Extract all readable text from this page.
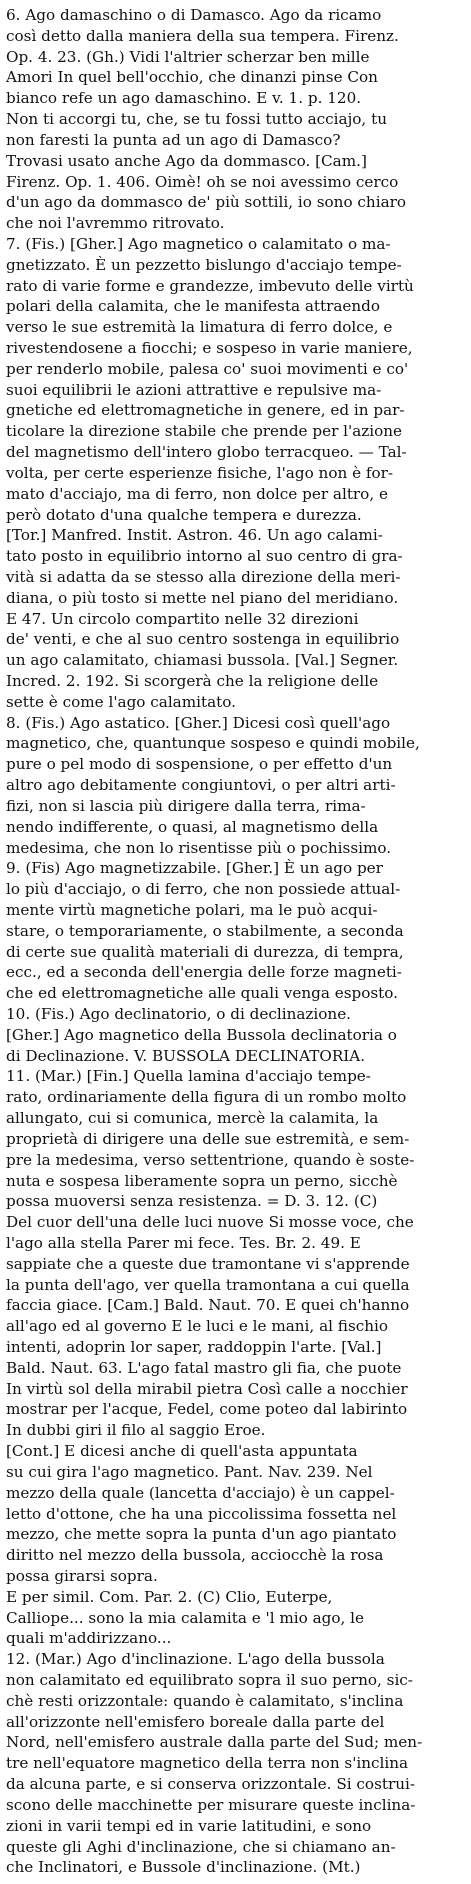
6. Ago damaschino o di Damasco. Ago da ricamo
così detto dalla maniera della sua tempera. Firenz.
Op. 4. 23. (Gh.) Vidi l'altrier scherzar ben mille
Amori In quel bell'occhio, che dinanzi pinse Con
bianco refe un ago damaschino. E v. 1. p. 120.
Non ti accorgi tu, che, se tu fossi tutto acciajo, tu
non faresti la punta ad un ago di Damasco?
Trovasi usato anche Ago da dommasco. [Cam.]
Firenz. Op. 1. 406. Oimè! oh se noi avessimo cerco
d'un ago da dommasco de' più sottili, io sono chiaro
che noi l'avremmo ritrovato.
7. (Fis.) [Gher.] Ago magnetico o calamitato o ma-
gnetizzato. È un pezzetto bislungo d'acciajo tempe-
rato di varie forme e grandezze, imbevuto delle virtù
polari della calamita, che le manifesta attraendo
verso le sue estremità la limatura di ferro dolce, e
rivestendosene a fiocchi; e sospeso in varie maniere,
per renderlo mobile, palesa co' suoi movimenti e co'
suoi equilibrii le azioni attrattive e repulsive ma-
gnetiche ed elettromagnetiche in genere, ed in par-
ticolare la direzione stabile che prende per l'azione
del magnetismo dell'intero globo terracqueo. — Tal-
volta, per certe esperienze fisiche, l'ago non è for-
mato d'acciajo, ma di ferro, non dolce per altro, e
però dotato d'una qualche tempera e durezza.
[Tor.] Manfred. Instit. Astron. 46. Un ago calami-
tato posto in equilibrio intorno al suo centro di gra-
vità si adatta da se stesso alla direzione della meri-
diana, o più tosto si mette nel piano del meridiano.
E 47. Un circolo compartito nelle 32 direzioni
de' venti, e che al suo centro sostenga in equilibrio
un ago calamitato, chiamasi bussola. [Val.] Segner.
Incred. 2. 192. Si scorgerà che la religione delle
sette è come l'ago calamitato.
8. (Fis.) Ago astatico. [Gher.] Dicesi così quell'ago
magnetico, che, quantunque sospeso e quindi mobile,
pure o pel modo di sospensione, o per effetto d'un
altro ago debitamente congiuntovi, o per altri arti-
fizi, non si lascia più dirigere dalla terra, rima-
nendo indifferente, o quasi, al magnetismo della
medesima, che non lo risentisse più o pochissimo.
9. (Fis) Ago magnetizzabile. [Gher.] È un ago per
lo più d'acciajo, o di ferro, che non possiede attual-
mente virtù magnetiche polari, ma le può acqui-
stare, o temporariamente, o stabilmente, a seconda
di certe sue qualità materiali di durezza, di tempra,
ecc., ed a seconda dell'energia delle forze magneti-
che ed elettromagnetiche alle quali venga esposto.
10. (Fis.) Ago declinatorio, o di declinazione.
[Gher.] Ago magnetico della Bussola declinatoria o
di Declinazione. V. BUSSOLA DECLINATORIA.
11. (Mar.) [Fin.] Quella lamina d'acciajo tempe-
rato, ordinariamente della figura di un rombo molto
allungato, cui si comunica, mercè la calamita, la
proprietà di dirigere una delle sue estremità, e sem-
pre la medesima, verso settentrione, quando è soste-
nuta e sospesa liberamente sopra un perno, sicchè
possa muoversi senza resistenza. = D. 3. 12. (C)
Del cuor dell'una delle luci nuove Si mosse voce, che
l'ago alla stella Parer mi fece. Tes. Br. 2. 49. E
sappiate che a queste due tramontane vi s'apprende
la punta dell'ago, ver quella tramontana a cui quella
faccia giace. [Cam.] Bald. Naut. 70. E quei ch'hanno
all'ago ed al governo E le luci e le mani, al fischio
intenti, adoprin lor saper, raddoppin l'arte. [Val.]
Bald. Naut. 63. L'ago fatal mastro gli fia, che puote
In virtù sol della mirabil pietra Così calle a nocchier
mostrar per l'acque, Fedel, come poteo dal labirinto
In dubbi giri il filo al saggio Eroe.
[Cont.] E dicesi anche di quell'asta appuntata
su cui gira l'ago magnetico. Pant. Nav. 239. Nel
mezzo della quale (lancetta d'acciajo) è un cappel-
letto d'ottone, che ha una piccolissima fossetta nel
mezzo, che mette sopra la punta d'un ago piantato
diritto nel mezzo della bussola, acciocchè la rosa
possa girarsi sopra.
E per simil. Com. Par. 2. (C) Clio, Euterpe,
Calliope... sono la mia calamita e 'l mio ago, le
quali m'addirizzano...
12. (Mar.) Ago d'inclinazione. L'ago della bussola
non calamitato ed equilibrato sopra il suo perno, sic-
chè resti orizzontale: quando è calamitato, s'inclina
all'orizzonte nell'emisfero boreale dalla parte del
Nord, nell'emisfero australe dalla parte del Sud; men-
tre nell'equatore magnetico della terra non s'inclina
da alcuna parte, e si conserva orizzontale. Si costrui-
scono delle macchinette per misurare queste inclina-
zioni in varii tempi ed in varie latitudini, e sono
queste gli Aghi d'inclinazione, che si chiamano an-
che Inclinatori, e Bussole d'inclinazione. (Mt.)
